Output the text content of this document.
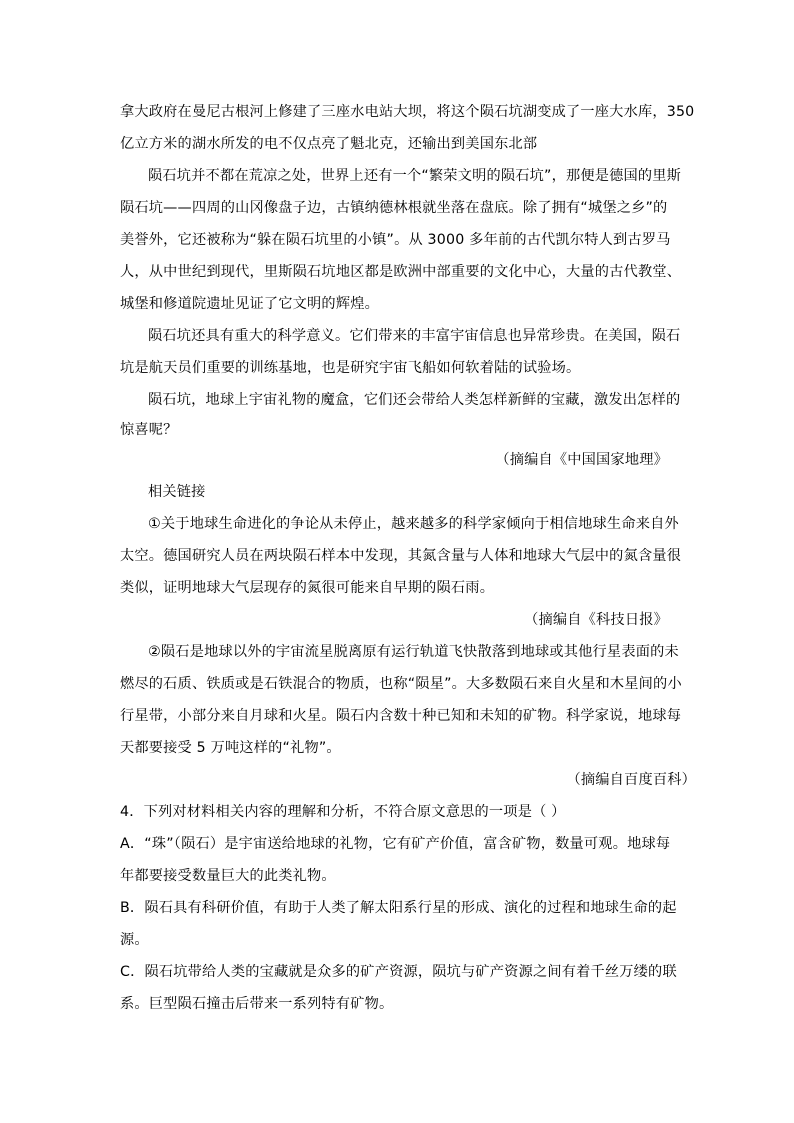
拿大政府在曼尼古根河上修建了三座水电站大坝，将这个陨石坑湖变成了一座大水库，350
亿立方米的湖水所发的电不仅点亮了魁北克，还输出到美国东北部
陨石坑并不都在荒凉之处，世界上还有一个“繁荣文明的陨石坑”，那便是德国的里斯
陨石坑——四周的山冈像盘子边，古镇纳德林根就坐落在盘底。除了拥有“城堡之乡”的
美誉外，它还被称为“躲在陨石坑里的小镇”。从 3000 多年前的古代凯尔特人到古罗马
人，从中世纪到现代，里斯陨石坑地区都是欧洲中部重要的文化中心，大量的古代教堂、
城堡和修道院遗址见证了它文明的辉煌。
陨石坑还具有重大的科学意义。它们带来的丰富宇宙信息也异常珍贵。在美国，陨石
坑是航天员们重要的训练基地，也是研究宇宙飞船如何软着陆的试验场。
陨石坑，地球上宇宙礼物的魔盒，它们还会带给人类怎样新鲜的宝藏，激发出怎样的
惊喜呢？
（摘编自《中国国家地理》
相关链接
①关于地球生命进化的争论从未停止，越来越多的科学家倾向于相信地球生命来自外
太空。德国研究人员在两块陨石样本中发现，其氮含量与人体和地球大气层中的氮含量很
类似，证明地球大气层现存的氮很可能来自早期的陨石雨。
（摘编自《科技日报》
②陨石是地球以外的宇宙流星脱离原有运行轨道飞快散落到地球或其他行星表面的未
燃尽的石质、铁质或是石铁混合的物质，也称“陨星”。大多数陨石来自火星和木星间的小
行星带，小部分来自月球和火星。陨石内含数十种已知和未知的矿物。科学家说，地球每
天都要接受 5 万吨这样的“礼物”。
（摘编自百度百科）
4．下列对材料相关内容的理解和分析，不符合原文意思的一项是（ ）
A．“珠”（陨石）是宇宙送给地球的礼物，它有矿产价值，富含矿物，数量可观。地球每
年都要接受数量巨大的此类礼物。
B．陨石具有科研价值，有助于人类了解太阳系行星的形成、演化的过程和地球生命的起
源。
C．陨石坑带给人类的宝藏就是众多的矿产资源，陨坑与矿产资源之间有着千丝万缕的联
系。巨型陨石撞击后带来一系列特有矿物。
